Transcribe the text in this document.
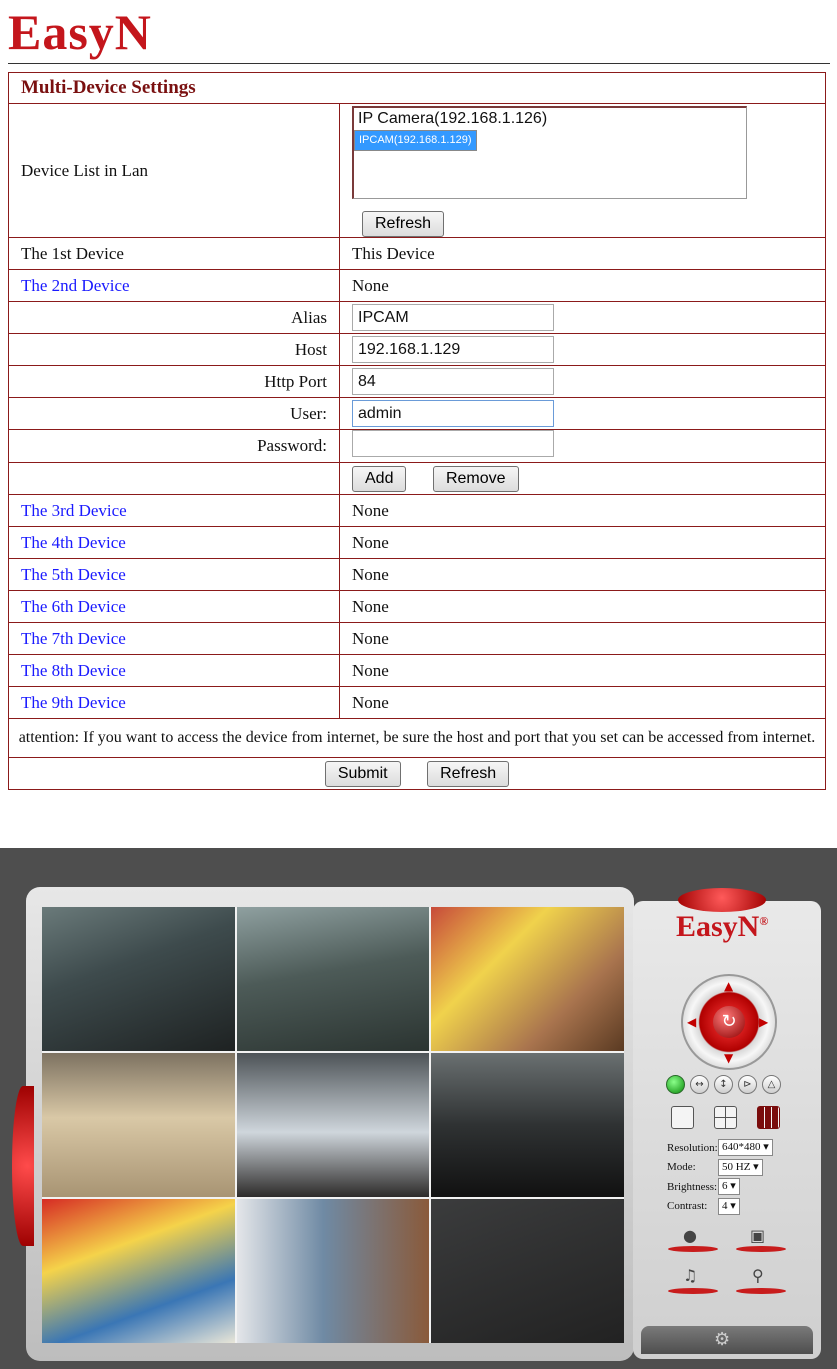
EasyN
Multi-Device Settings	
Device List in Lan	IP Camera(192.168.1.126)
IPCAM(192.168.1.129)
Refresh

The 1st Device	This Device
The 2nd Device	None
Alias	IPCAM
Host	192.168.1.129
Http Port	84
User:	admin
Password:	
	Add Remove
The 3rd Device	None
The 4th Device	None
The 5th Device	None
The 6th Device	None
The 7th Device	None
The 8th Device	None
The 9th Device	None
attention: If you want to access the device from internet, be sure the host and port that you set can be accessed from internet.	
Submit Refresh	
EasyN®
▲
▼
◀	▶
↻
↔	↕	⊳	△
Resolution: 640*480 ▾
Mode:	50 HZ ▾
Brightness: 6 ▾
Contrast:	4 ▾
●	▣
♫	⚲
⚙
